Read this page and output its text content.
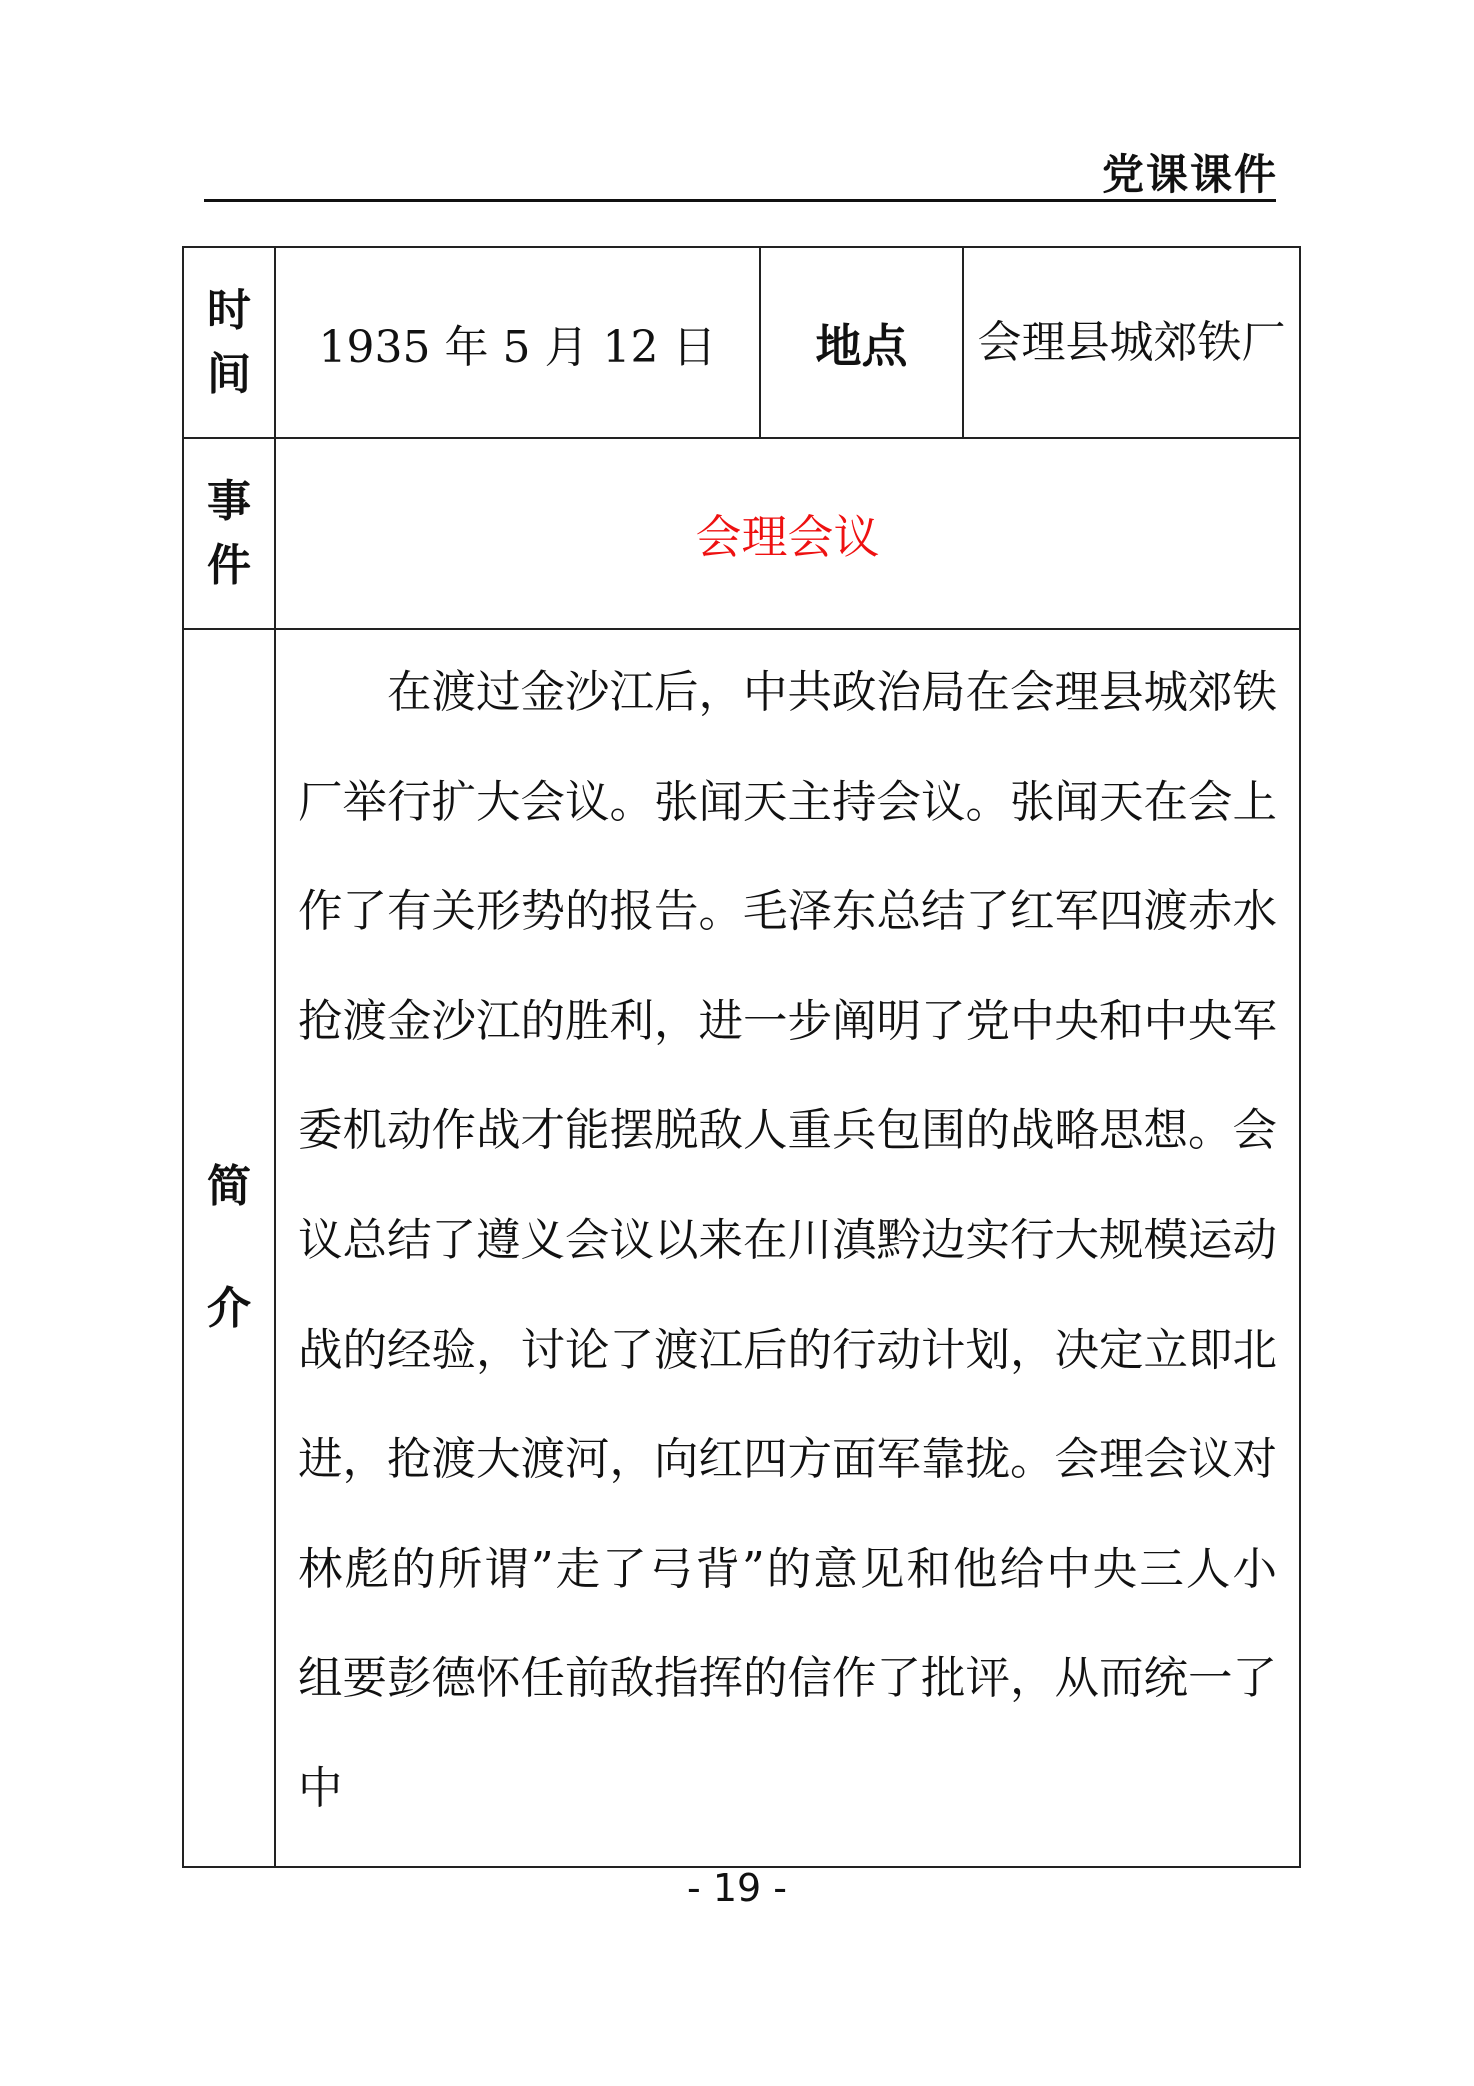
党课课件
时间	1935 年 5 月 12 日	地点	会理县城郊铁厂
事件	会理会议		
简介	在渡过金沙江后，中共政治局在会理县城郊铁厂举行扩大会议。张闻天主持会议。张闻天在会上作了有关形势的报告。毛泽东总结了红军四渡赤水抢渡金沙江的胜利，进一步阐明了党中央和中央军委机动作战才能摆脱敌人重兵包围的战略思想。会议总结了遵义会议以来在川滇黔边实行大规模运动战的经验，讨论了渡江后的行动计划，决定立即北进，抢渡大渡河，向红四方面军靠拢。会理会议对林彪的所谓”走了弓背”的意见和他给中央三人小组要彭德怀任前敌指挥的信作了批评，从而统一了中		
- 19 -
